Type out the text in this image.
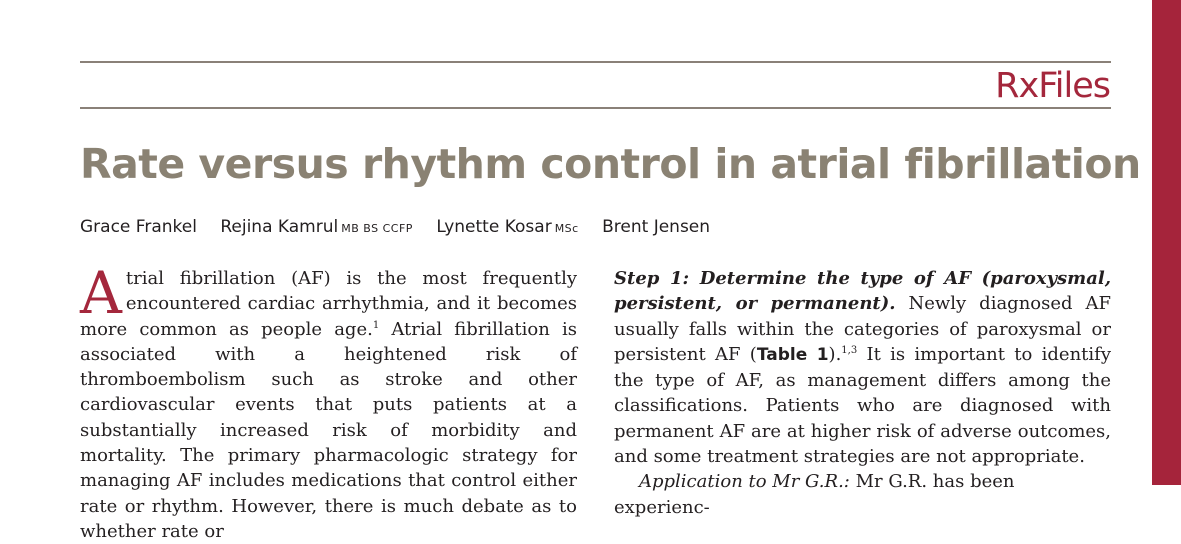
RxFiles
Rate versus rhythm control in atrial fibrillation
Grace Frankel Rejina Kamrul MB BS CCFP Lynette Kosar MSc Brent Jensen

Atrial fibrillation (AF) is the most frequently encountered cardiac arrhythmia, and it becomes more common as people age.$^1$ Atrial fibrillation is associated with a heightened risk of thromboembolism such as stroke and other cardiovascular events that puts patients at a substantially increased risk of morbidity and mortality. The primary pharmacologic strategy for managing AF includes medications that control either rate or rhythm. However, there is much debate as to whether rate or

Step 1: Determine the type of AF (paroxysmal, persistent, or permanent). Newly diagnosed AF usually falls within the categories of paroxysmal or persistent AF (Table 1).$^{1,3}$ It is important to identify the type of AF, as management differs among the classifications. Patients who are diagnosed with permanent AF are at higher risk of adverse outcomes, and some treatment strategies are not appropriate.

Application to Mr G.R.: Mr G.R. has been experienc-
